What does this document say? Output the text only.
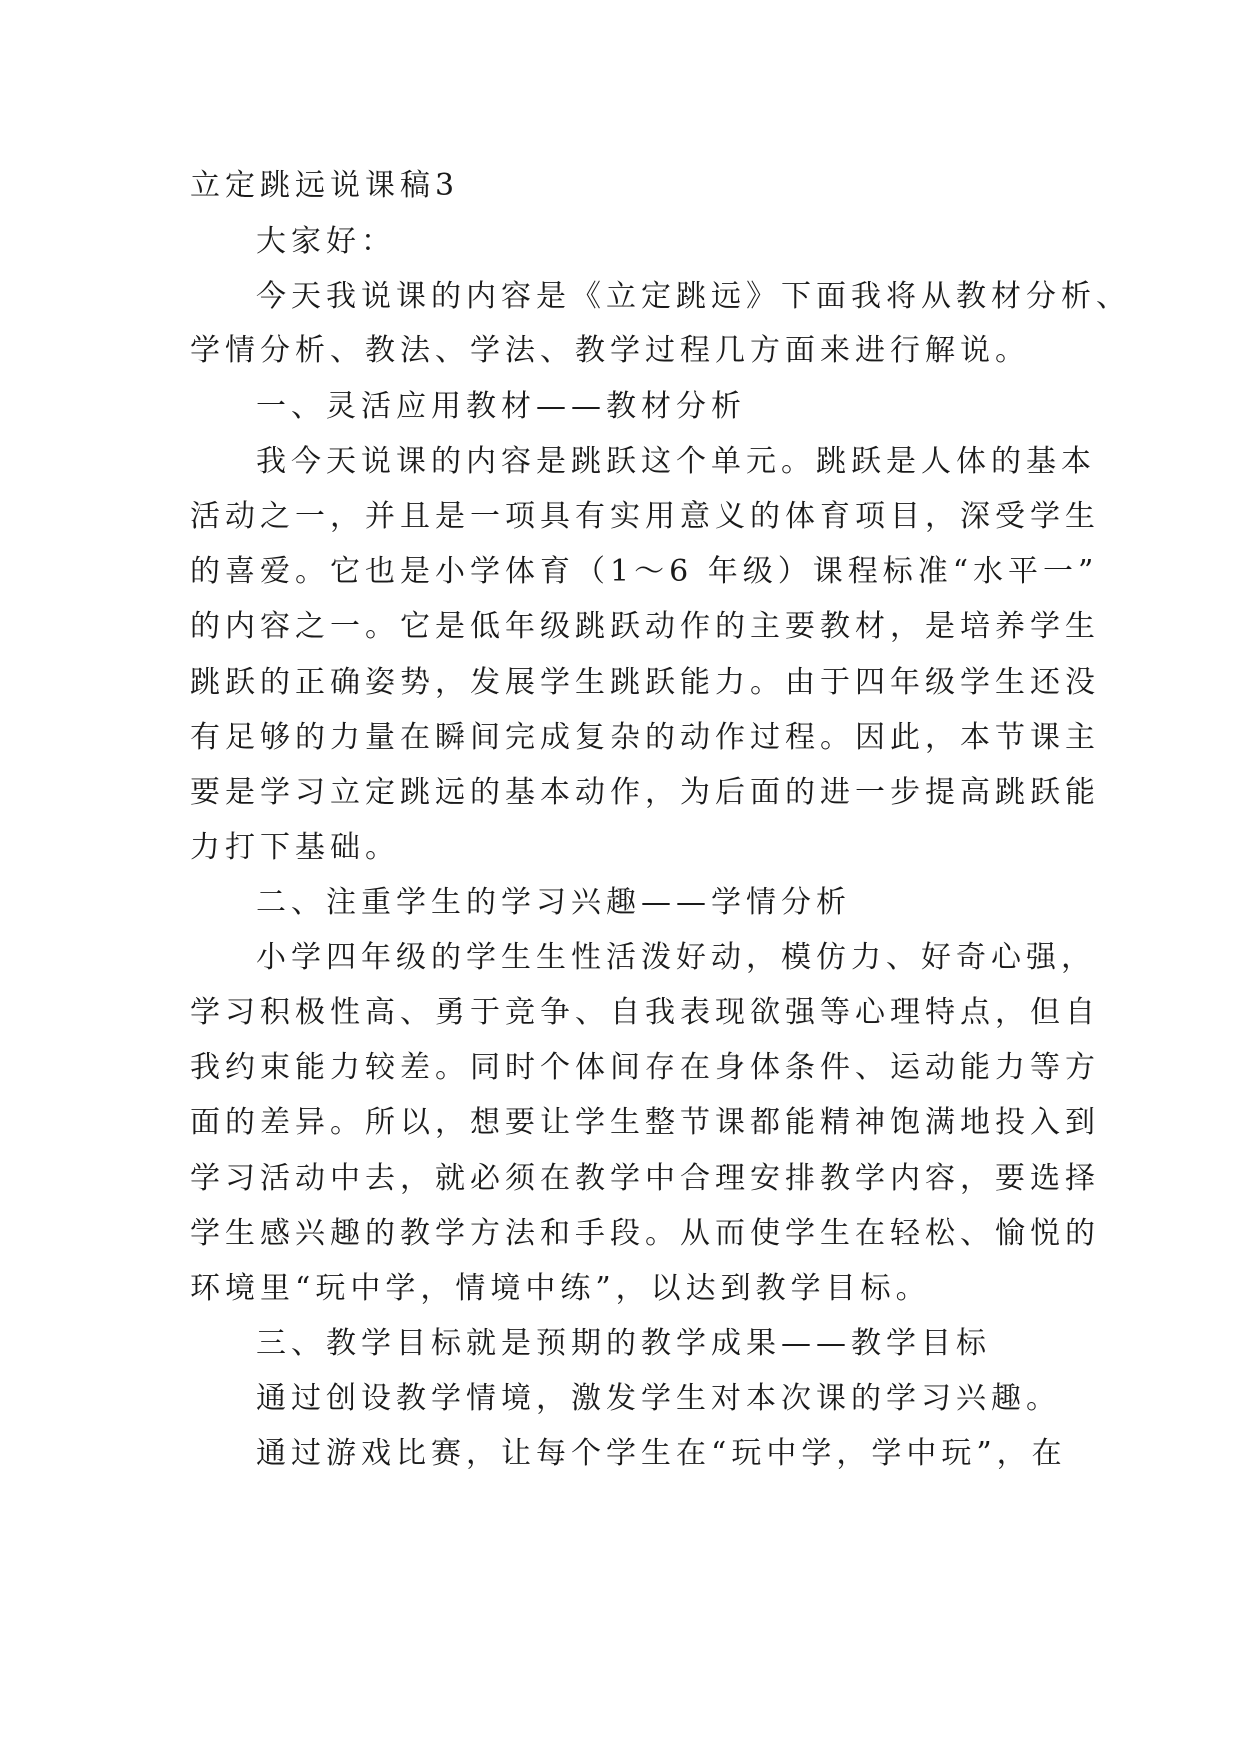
立定跳远说课稿3
大家好：
今天我说课的内容是《立定跳远》下面我将从教材分析、
学情分析、教法、学法、教学过程几方面来进行解说。
一、灵活应用教材——教材分析
我今天说课的内容是跳跃这个单元。跳跃是人体的基本
活动之一，并且是一项具有实用意义的体育项目，深受学生
的喜爱。它也是小学体育（1～6 年级）课程标准“水平一”
的内容之一。它是低年级跳跃动作的主要教材，是培养学生
跳跃的正确姿势，发展学生跳跃能力。由于四年级学生还没
有足够的力量在瞬间完成复杂的动作过程。因此，本节课主
要是学习立定跳远的基本动作，为后面的进一步提高跳跃能
力打下基础。
二、注重学生的学习兴趣——学情分析
小学四年级的学生生性活泼好动，模仿力、好奇心强，
学习积极性高、勇于竞争、自我表现欲强等心理特点，但自
我约束能力较差。同时个体间存在身体条件、运动能力等方
面的差异。所以，想要让学生整节课都能精神饱满地投入到
学习活动中去，就必须在教学中合理安排教学内容，要选择
学生感兴趣的教学方法和手段。从而使学生在轻松、愉悦的
环境里“玩中学，情境中练”，以达到教学目标。
三、教学目标就是预期的教学成果——教学目标
通过创设教学情境，激发学生对本次课的学习兴趣。
通过游戏比赛，让每个学生在“玩中学，学中玩”，在
